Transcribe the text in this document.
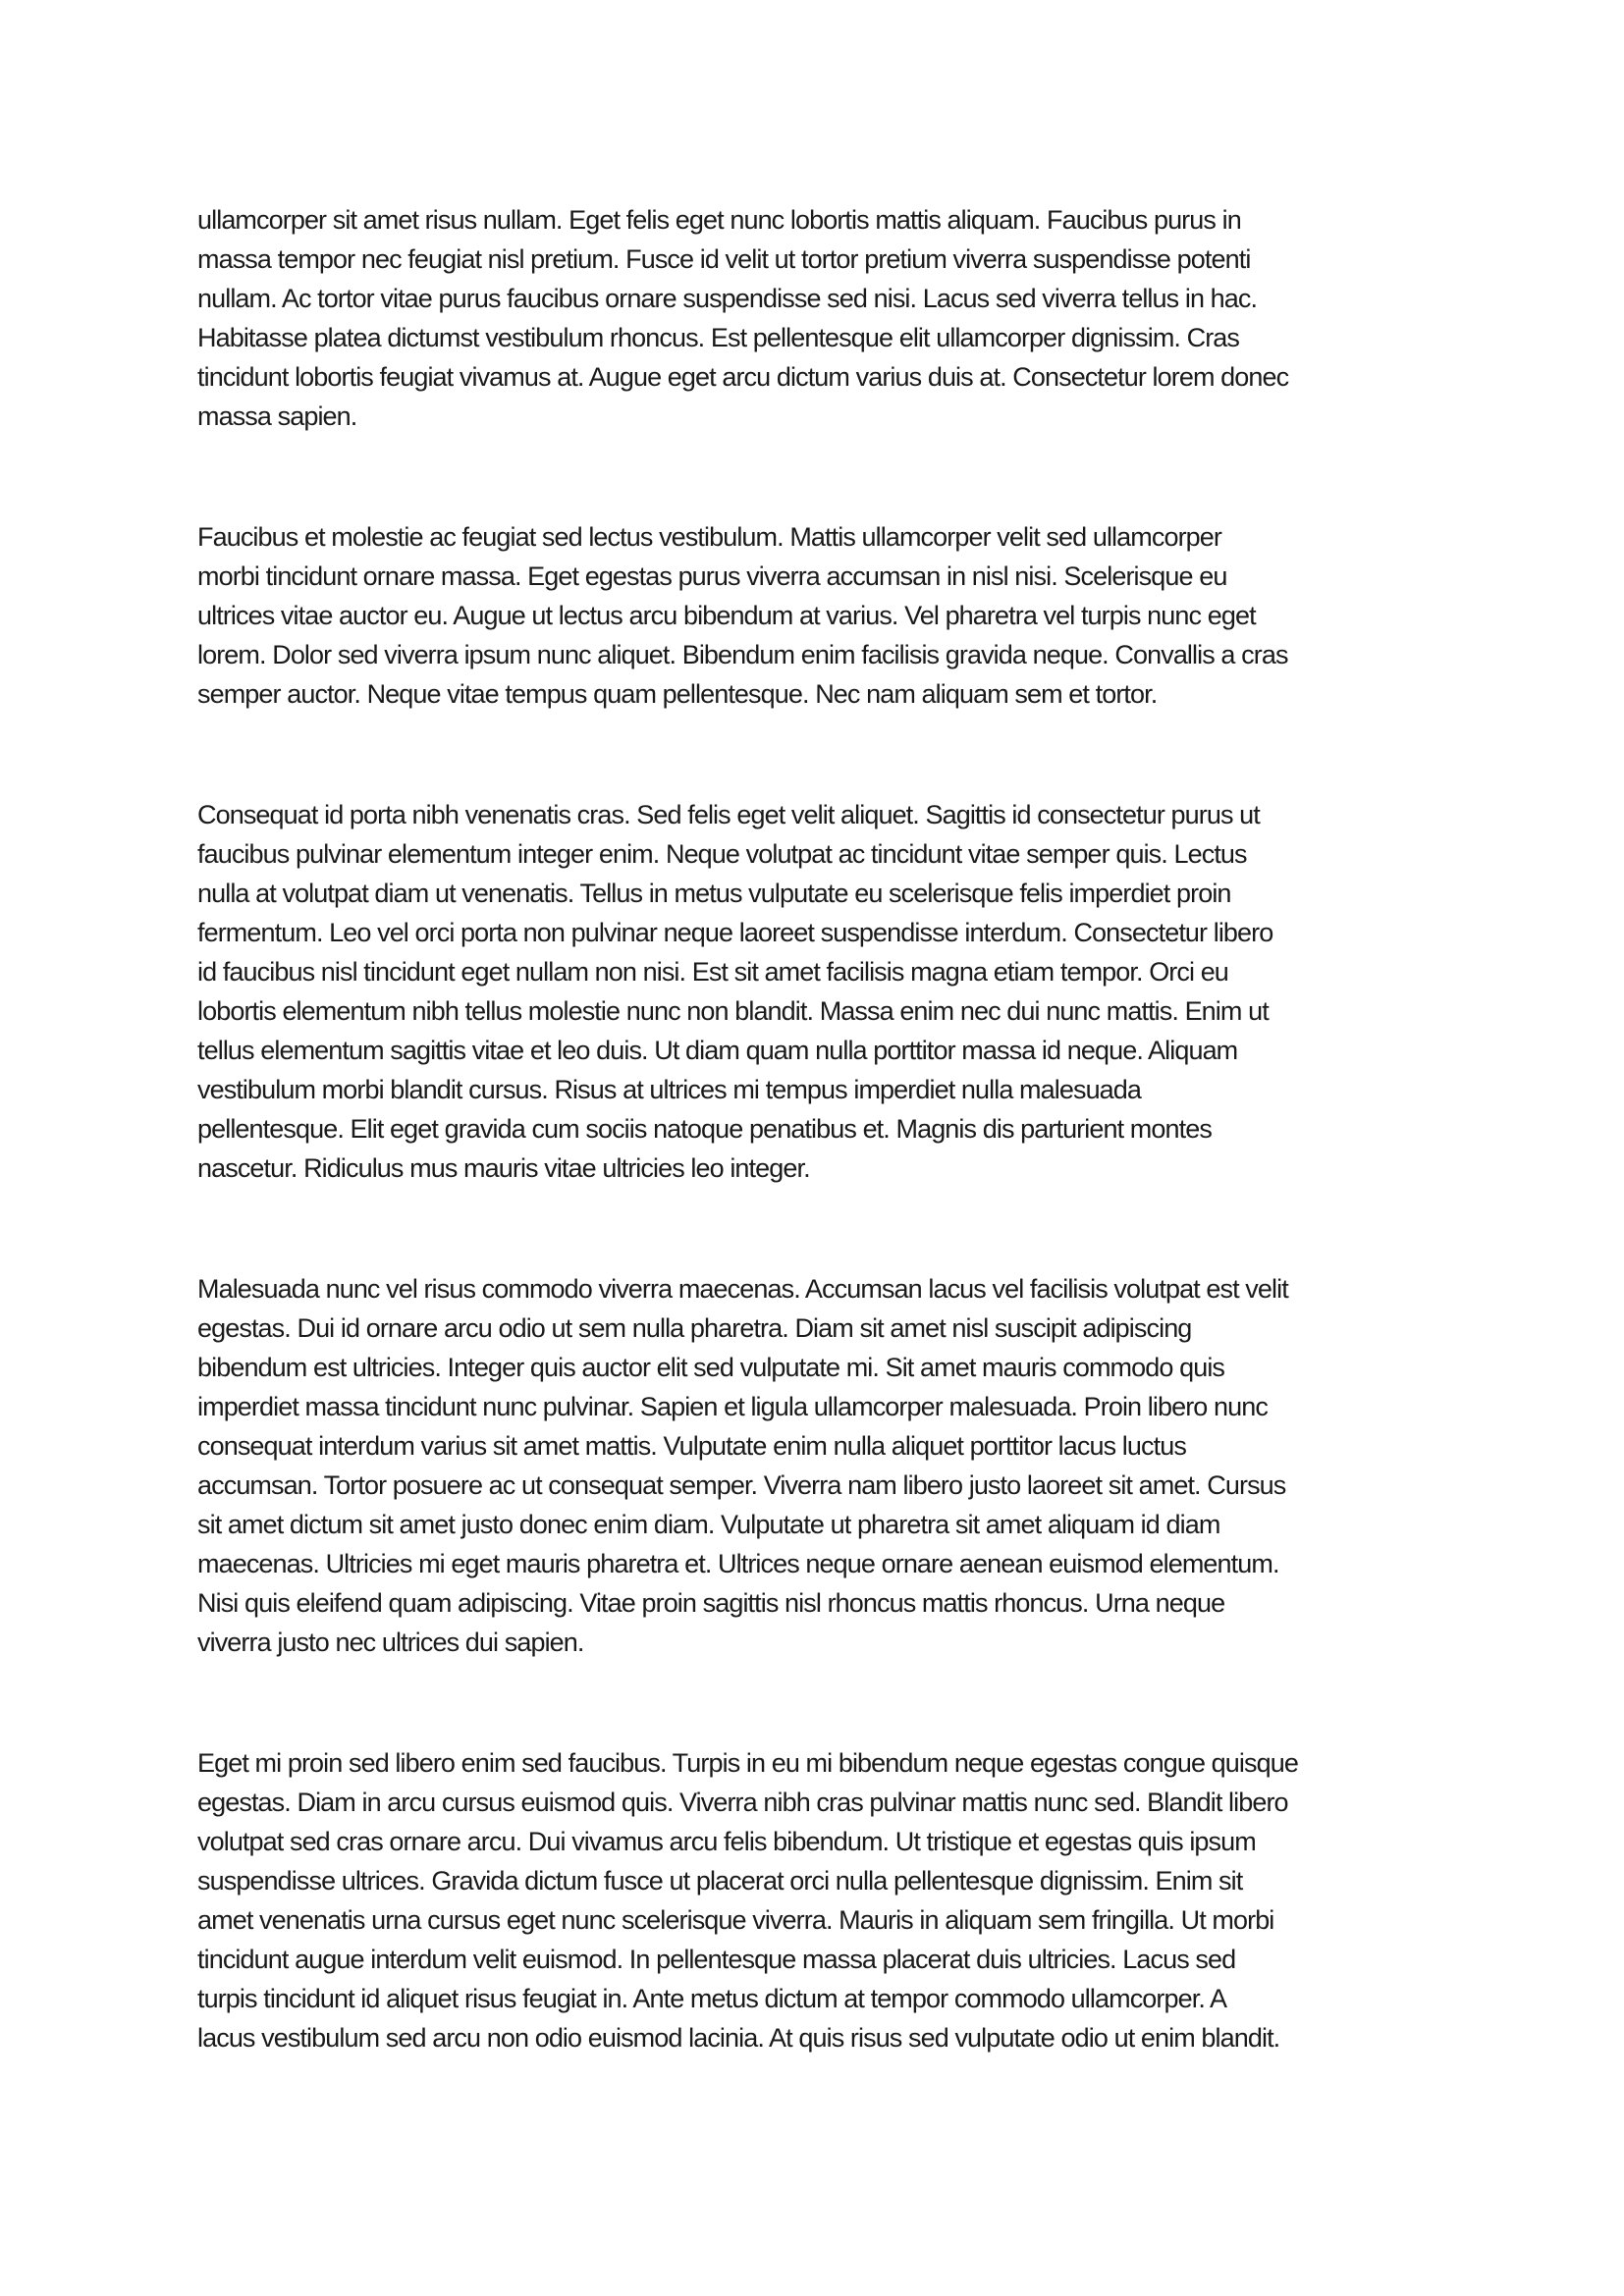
ullamcorper sit amet risus nullam. Eget felis eget nunc lobortis mattis aliquam. Faucibus purus in
massa tempor nec feugiat nisl pretium. Fusce id velit ut tortor pretium viverra suspendisse potenti
nullam. Ac tortor vitae purus faucibus ornare suspendisse sed nisi. Lacus sed viverra tellus in hac.
Habitasse platea dictumst vestibulum rhoncus. Est pellentesque elit ullamcorper dignissim. Cras
tincidunt lobortis feugiat vivamus at. Augue eget arcu dictum varius duis at. Consectetur lorem donec
massa sapien.
Faucibus et molestie ac feugiat sed lectus vestibulum. Mattis ullamcorper velit sed ullamcorper
morbi tincidunt ornare massa. Eget egestas purus viverra accumsan in nisl nisi. Scelerisque eu
ultrices vitae auctor eu. Augue ut lectus arcu bibendum at varius. Vel pharetra vel turpis nunc eget
lorem. Dolor sed viverra ipsum nunc aliquet. Bibendum enim facilisis gravida neque. Convallis a cras
semper auctor. Neque vitae tempus quam pellentesque. Nec nam aliquam sem et tortor.
Consequat id porta nibh venenatis cras. Sed felis eget velit aliquet. Sagittis id consectetur purus ut
faucibus pulvinar elementum integer enim. Neque volutpat ac tincidunt vitae semper quis. Lectus
nulla at volutpat diam ut venenatis. Tellus in metus vulputate eu scelerisque felis imperdiet proin
fermentum. Leo vel orci porta non pulvinar neque laoreet suspendisse interdum. Consectetur libero
id faucibus nisl tincidunt eget nullam non nisi. Est sit amet facilisis magna etiam tempor. Orci eu
lobortis elementum nibh tellus molestie nunc non blandit. Massa enim nec dui nunc mattis. Enim ut
tellus elementum sagittis vitae et leo duis. Ut diam quam nulla porttitor massa id neque. Aliquam
vestibulum morbi blandit cursus. Risus at ultrices mi tempus imperdiet nulla malesuada
pellentesque. Elit eget gravida cum sociis natoque penatibus et. Magnis dis parturient montes
nascetur. Ridiculus mus mauris vitae ultricies leo integer.
Malesuada nunc vel risus commodo viverra maecenas. Accumsan lacus vel facilisis volutpat est velit
egestas. Dui id ornare arcu odio ut sem nulla pharetra. Diam sit amet nisl suscipit adipiscing
bibendum est ultricies. Integer quis auctor elit sed vulputate mi. Sit amet mauris commodo quis
imperdiet massa tincidunt nunc pulvinar. Sapien et ligula ullamcorper malesuada. Proin libero nunc
consequat interdum varius sit amet mattis. Vulputate enim nulla aliquet porttitor lacus luctus
accumsan. Tortor posuere ac ut consequat semper. Viverra nam libero justo laoreet sit amet. Cursus
sit amet dictum sit amet justo donec enim diam. Vulputate ut pharetra sit amet aliquam id diam
maecenas. Ultricies mi eget mauris pharetra et. Ultrices neque ornare aenean euismod elementum.
Nisi quis eleifend quam adipiscing. Vitae proin sagittis nisl rhoncus mattis rhoncus. Urna neque
viverra justo nec ultrices dui sapien.
Eget mi proin sed libero enim sed faucibus. Turpis in eu mi bibendum neque egestas congue quisque
egestas. Diam in arcu cursus euismod quis. Viverra nibh cras pulvinar mattis nunc sed. Blandit libero
volutpat sed cras ornare arcu. Dui vivamus arcu felis bibendum. Ut tristique et egestas quis ipsum
suspendisse ultrices. Gravida dictum fusce ut placerat orci nulla pellentesque dignissim. Enim sit
amet venenatis urna cursus eget nunc scelerisque viverra. Mauris in aliquam sem fringilla. Ut morbi
tincidunt augue interdum velit euismod. In pellentesque massa placerat duis ultricies. Lacus sed
turpis tincidunt id aliquet risus feugiat in. Ante metus dictum at tempor commodo ullamcorper. A
lacus vestibulum sed arcu non odio euismod lacinia. At quis risus sed vulputate odio ut enim blandit.
